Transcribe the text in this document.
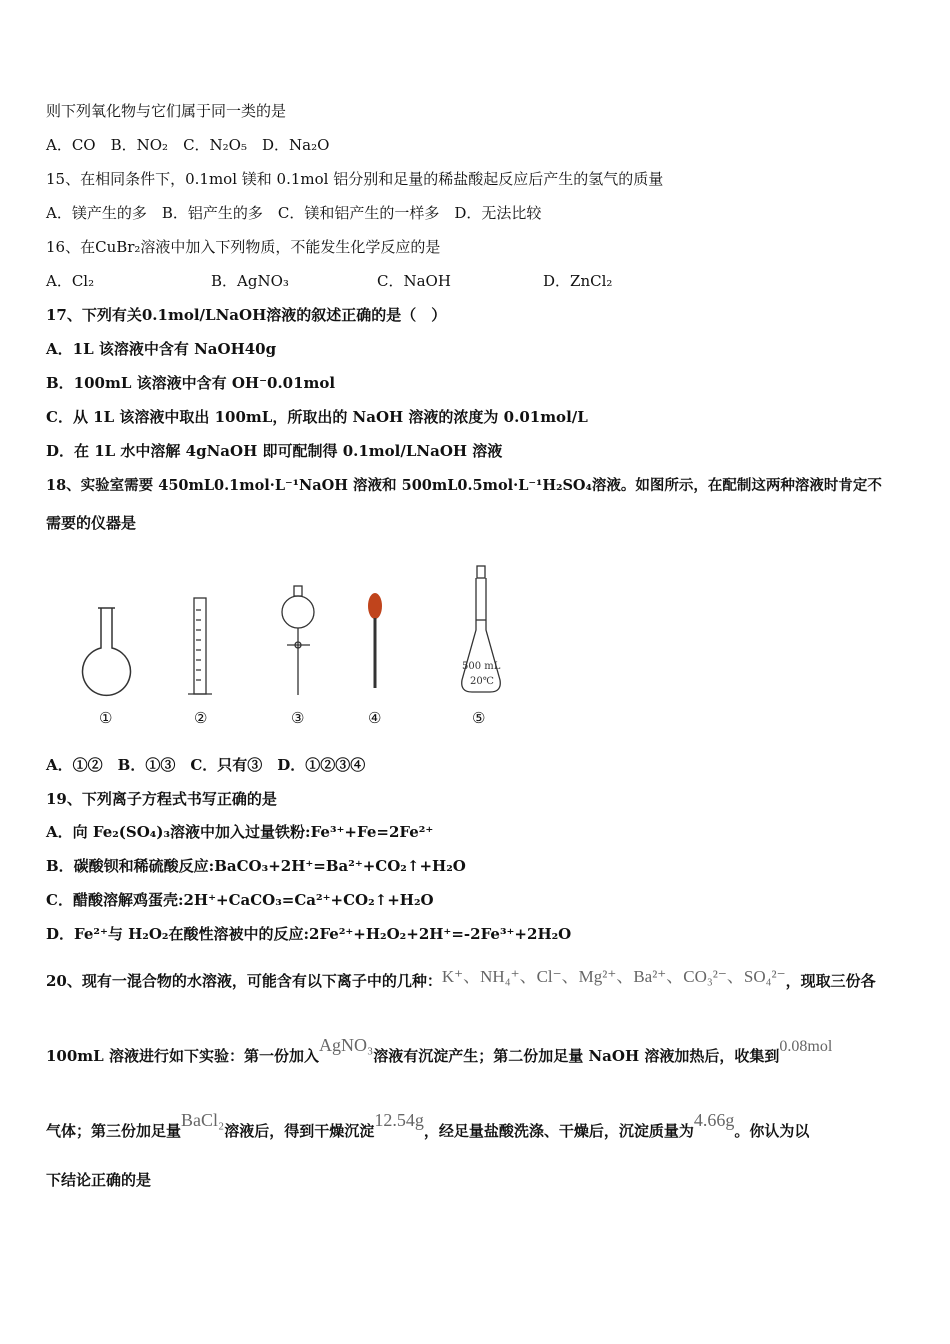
则下列氧化物与它们属于同一类的是
A．CO　B．NO₂　C．N₂O₅　D．Na₂O
15、在相同条件下，0.1mol 镁和 0.1mol 铝分别和足量的稀盐酸起反应后产生的氢气的质量
A．镁产生的多　B．铝产生的多　C．镁和铝产生的一样多　D．无法比较
16、在CuBr₂溶液中加入下列物质，不能发生化学反应的是
A．Cl₂	B．AgNO₃	C．NaOH	D．ZnCl₂
17、下列有关0.1mol/LNaOH溶液的叙述正确的是（　）
A．1L 该溶液中含有 NaOH40g
B．100mL 该溶液中含有 OH⁻0.01mol
C．从 1L 该溶液中取出 100mL，所取出的 NaOH 溶液的浓度为 0.01mol/L
D．在 1L 水中溶解 4gNaOH 即可配制得 0.1mol/LNaOH 溶液
18、实验室需要 450mL0.1mol·L⁻¹NaOH 溶液和 500mL0.5mol·L⁻¹H₂SO₄溶液。如图所示，在配制这两种溶液时肯定不
需要的仪器是
500 mL
20℃
①	②	③	④	⑤
A．①②　B．①③　C．只有③　D．①②③④
19、下列离子方程式书写正确的是
A．向 Fe₂(SO₄)₃溶液中加入过量铁粉:Fe³⁺+Fe=2Fe²⁺
B．碳酸钡和稀硫酸反应:BaCO₃+2H⁺=Ba²⁺+CO₂↑+H₂O
C．醋酸溶解鸡蛋壳:2H⁺+CaCO₃=Ca²⁺+CO₂↑+H₂O
D．Fe²⁺与 H₂O₂在酸性溶被中的反应:2Fe²⁺+H₂O₂+2H⁺=-2Fe³⁺+2H₂O
20、现有一混合物的水溶液，可能含有以下离子中的几种：K⁺、NH₄⁺、Cl⁻、Mg²⁺、Ba²⁺、CO₃²⁻、SO₄²⁻，现取三份各
100mL 溶液进行如下实验：第一份加入AgNO₃溶液有沉淀产生；第二份加足量 NaOH 溶液加热后，收集到0.08mol
气体；第三份加足量BaCl₂溶液后，得到干燥沉淀12.54g，经足量盐酸洗涤、干燥后，沉淀质量为4.66g。你认为以
下结论正确的是
